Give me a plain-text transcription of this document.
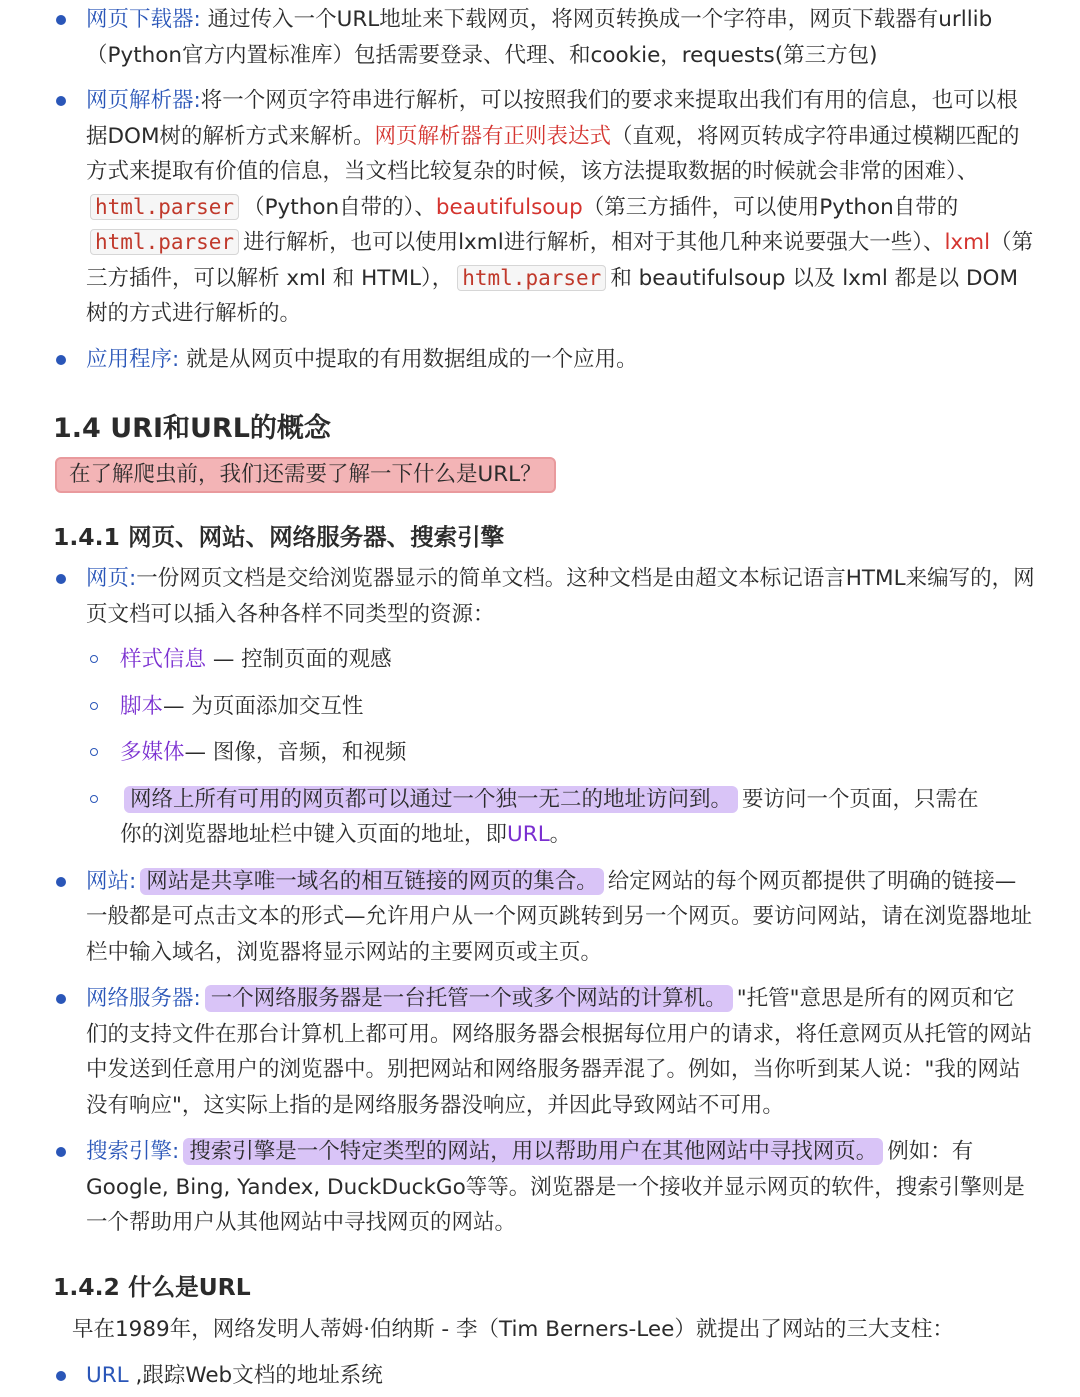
网页下载器: 通过传入一个URL地址来下载网页，将网页转换成一个字符串，网页下载器有urllib（Python官方内置标准库）包括需要登录、代理、和cookie，requests(第三方包)
网页解析器:将一个网页字符串进行解析，可以按照我们的要求来提取出我们有用的信息，也可以根据DOM树的解析方式来解析。网页解析器有正则表达式（直观，将网页转成字符串通过模糊匹配的方式来提取有价值的信息，当文档比较复杂的时候，该方法提取数据的时候就会非常的困难）、html.parser （Python自带的）、beautifulsoup（第三方插件，可以使用Python自带的html.parser 进行解析，也可以使用lxml进行解析，相对于其他几种来说要强大一些）、lxml（第三方插件，可以解析 xml 和 HTML）， html.parser 和 beautifulsoup 以及 lxml 都是以 DOM 树的方式进行解析的。
应用程序: 就是从网页中提取的有用数据组成的一个应用。
1.4 URI和URL的概念
在了解爬虫前，我们还需要了解一下什么是URL？
1.4.1 网页、网站、网络服务器、搜索引擎
网页:一份网页文档是交给浏览器显示的简单文档。这种文档是由超文本标记语言HTML来编写的，网页文档可以插入各种各样不同类型的资源：
样式信息 — 控制页面的观感
脚本— 为页面添加交互性
多媒体— 图像，音频，和视频
网络上所有可用的网页都可以通过一个独一无二的地址访问到。 要访问一个页面，只需在你的浏览器地址栏中键入页面的地址，即URL。
网站: 网站是共享唯一域名的相互链接的网页的集合。 给定网站的每个网页都提供了明确的链接—一般都是可点击文本的形式—允许用户从一个网页跳转到另一个网页。要访问网站，请在浏览器地址栏中输入域名，浏览器将显示网站的主要网页或主页。
网络服务器: 一个网络服务器是一台托管一个或多个网站的计算机。 "托管"意思是所有的网页和它们的支持文件在那台计算机上都可用。网络服务器会根据每位用户的请求，将任意网页从托管的网站中发送到任意用户的浏览器中。别把网站和网络服务器弄混了。例如，当你听到某人说："我的网站没有响应"，这实际上指的是网络服务器没响应，并因此导致网站不可用。
搜索引擎: 搜索引擎是一个特定类型的网站，用以帮助用户在其他网站中寻找网页。 例如：有Google, Bing, Yandex, DuckDuckGo等等。浏览器是一个接收并显示网页的软件，搜索引擎则是一个帮助用户从其他网站中寻找网页的网站。
1.4.2 什么是URL
早在1989年，网络发明人蒂姆·伯纳斯 - 李（Tim Berners-Lee）就提出了网站的三大支柱：
URL ,跟踪Web文档的地址系统
